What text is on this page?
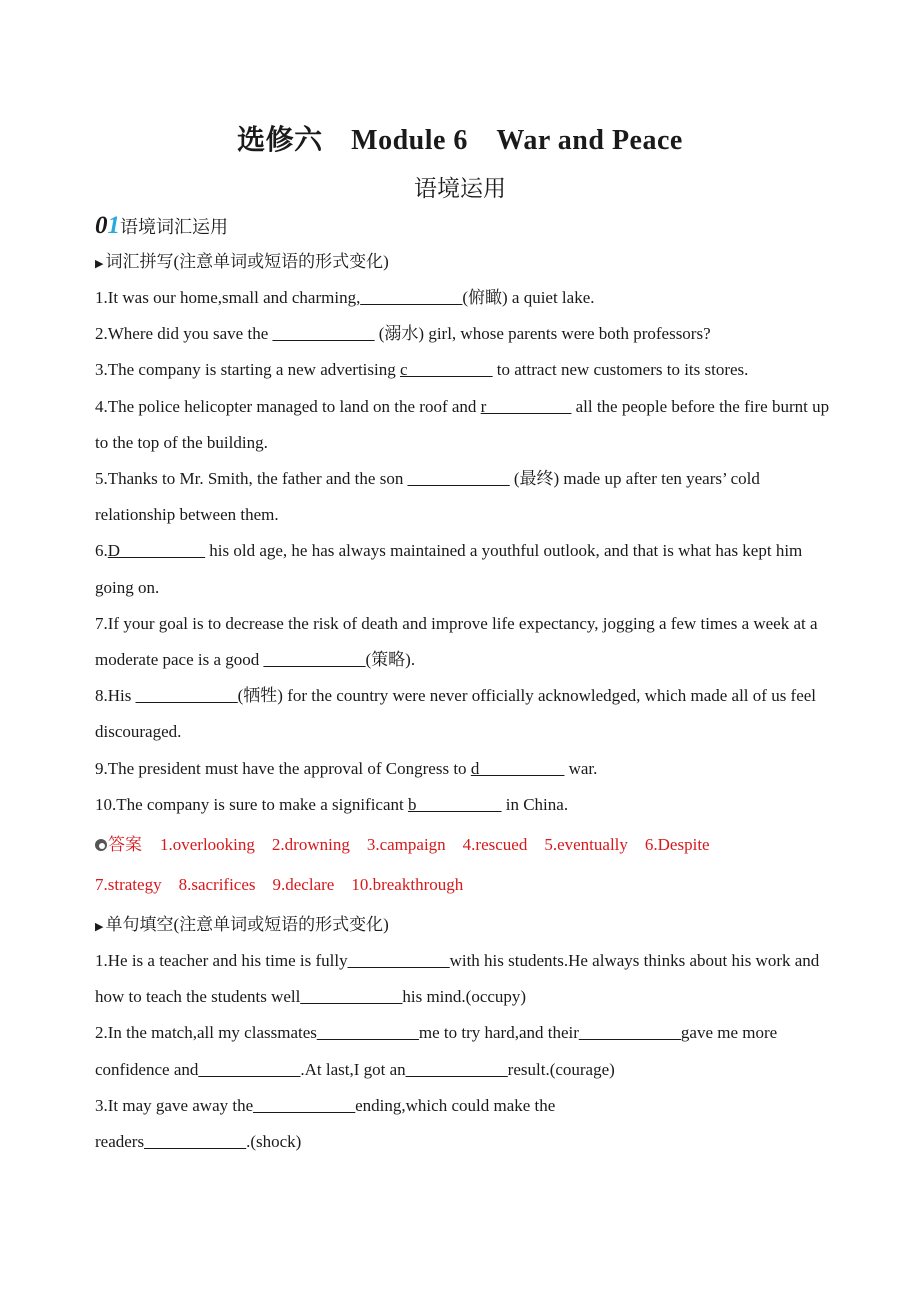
选修六　Module 6　War and Peace
语境运用
01语境词汇运用
▶ 词汇拼写(注意单词或短语的形式变化)
1.It was our home,small and charming,____________(俯瞰) a quiet lake.
2.Where did you save the ____________ (溺水) girl, whose parents were both professors?
3.The company is starting a new advertising c__________ to attract new customers to its stores.
4.The police helicopter managed to land on the roof and r__________ all the people before the fire burnt up to the top of the building.
5.Thanks to Mr. Smith, the father and the son ____________ (最终) made up after ten years’ cold relationship between them.
6.D__________ his old age, he has always maintained a youthful outlook, and that is what has kept him going on.
7.If your goal is to decrease the risk of death and improve life expectancy, jogging a few times a week at a moderate pace is a good ____________(策略).
8.His ____________(牺牲) for the country were never officially acknowledged, which made all of us feel discouraged.
9.The president must have the approval of Congress to d__________ war.
10.The company is sure to make a significant b__________ in China.
答案 1.overlooking 2.drowning 3.campaign 4.rescued 5.eventually 6.Despite
7.strategy 8.sacrifices 9.declare 10.breakthrough
▶ 单句填空(注意单词或短语的形式变化)
1.He is a teacher and his time is fully____________with his students.He always thinks about his work and how to teach the students well____________his mind.(occupy)
2.In the match,all my classmates____________me to try hard,and their____________gave me more confidence and____________.At last,I got an____________result.(courage)
3.It may gave away the____________ending,which could make the
readers____________.(shock)
